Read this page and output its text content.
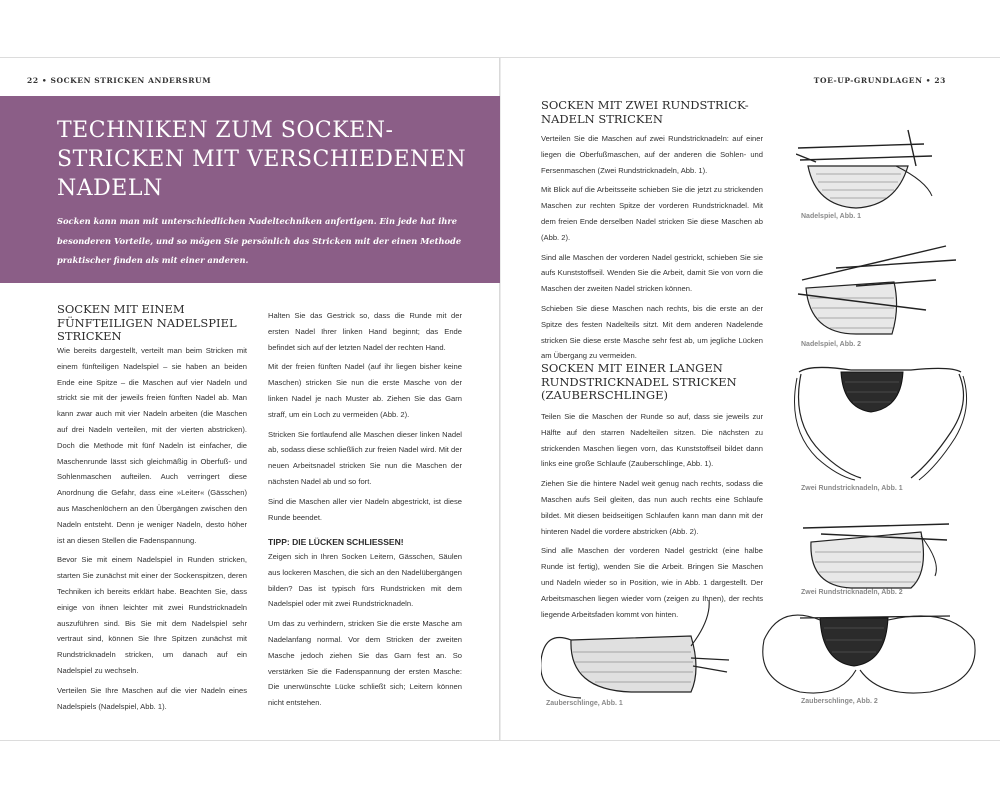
22 • SOCKEN STRICKEN ANDERSRUM	TOE-UP-GRUNDLAGEN • 23
TECHNIKEN ZUM SOCKEN-STRICKEN MIT VERSCHIEDENEN NADELN

Socken kann man mit unterschiedlichen Nadeltechniken anfertigen. Ein jede hat ihre besonderen Vorteile, und so mögen Sie persönlich das Stricken mit der einen Methode praktischer finden als mit einer anderen.

SOCKEN MIT EINEM FÜNFTEILIGEN NADELSPIEL STRICKEN

Wie bereits dargestellt, verteilt man beim Stricken mit einem fünfteiligen Nadelspiel – sie haben an beiden Ende eine Spitze – die Maschen auf vier Nadeln und strickt sie mit der jeweils freien fünften Nadel ab. Man kann zwar auch mit vier Nadeln arbeiten (die Maschen auf drei Nadeln verteilen, mit der vierten abstricken). Doch die Methode mit fünf Nadeln ist einfacher, die Maschenrunde lässt sich gleichmäßig in Oberfuß- und Sohlenmaschen aufteilen. Auch verringert diese Anordnung die Gefahr, dass eine »Leiter« (Gässchen) aus Maschenlöchern an den Übergängen zwischen den Nadeln entsteht. Denn je weniger Nadeln, desto höher ist an diesen Stellen die Fadenspannung.

Bevor Sie mit einem Nadelspiel in Runden stricken, starten Sie zunächst mit einer der Sockenspitzen, deren Techniken ich bereits erklärt habe. Beachten Sie, dass einige von ihnen leichter mit zwei Rundstricknadeln auszuführen sind. Bis Sie mit dem Nadelspiel sehr vertraut sind, können Sie Ihre Spitzen zunächst mit Rundstricknadeln stricken, um danach auf ein Nadelspiel zu wechseln.

Verteilen Sie Ihre Maschen auf die vier Nadeln eines Nadelspiels (Nadelspiel, Abb. 1).

Halten Sie das Gestrick so, dass die Runde mit der ersten Nadel Ihrer linken Hand beginnt; das Ende befindet sich auf der letzten Nadel der rechten Hand.

Mit der freien fünften Nadel (auf ihr liegen bisher keine Maschen) stricken Sie nun die erste Masche von der linken Nadel je nach Muster ab. Ziehen Sie das Garn straff, um ein Loch zu vermeiden (Abb. 2).

Stricken Sie fortlaufend alle Maschen dieser linken Nadel ab, sodass diese schließlich zur freien Nadel wird. Mit der neuen Arbeitsnadel stricken Sie nun die Maschen der nächsten Nadel ab und so fort.

Sind die Maschen aller vier Nadeln abgestrickt, ist diese Runde beendet.

TIPP: DIE LÜCKEN SCHLIESSEN!

Zeigen sich in Ihren Socken Leitern, Gässchen, Säulen aus lockeren Maschen, die sich an den Nadelübergängen bilden? Das ist typisch fürs Rundstricken mit dem Nadelspiel oder mit zwei Rundstricknadeln.

Um das zu verhindern, stricken Sie die erste Masche am Nadelanfang normal. Vor dem Stricken der zweiten Masche jedoch ziehen Sie das Garn fest an. So verstärken Sie die Fadenspannung der ersten Masche: Die unerwünschte Lücke schließt sich; Leitern können nicht entstehen.

SOCKEN MIT ZWEI RUNDSTRICK-NADELN STRICKEN

Verteilen Sie die Maschen auf zwei Rundstricknadeln: auf einer liegen die Oberfußmaschen, auf der anderen die Sohlen- und Fersenmaschen (Zwei Rundstricknadeln, Abb. 1).

Mit Blick auf die Arbeitsseite schieben Sie die jetzt zu strickenden Maschen zur rechten Spitze der vorderen Rundstricknadel. Mit dem freien Ende derselben Nadel stricken Sie diese Maschen ab (Abb. 2).

Sind alle Maschen der vorderen Nadel gestrickt, schieben Sie sie aufs Kunststoffseil. Wenden Sie die Arbeit, damit Sie von vorn die Maschen der zweiten Nadel stricken können.

Schieben Sie diese Maschen nach rechts, bis die erste an der Spitze des festen Nadelteils sitzt. Mit dem anderen Nadelende stricken Sie diese erste Masche sehr fest ab, um jegliche Lücken am Übergang zu vermeiden.

SOCKEN MIT EINER LANGEN RUNDSTRICKNADEL STRICKEN (ZAUBERSCHLINGE)

Teilen Sie die Maschen der Runde so auf, dass sie jeweils zur Hälfte auf den starren Nadelteilen sitzen. Die nächsten zu strickenden Maschen liegen vorn, das Kunststoffseil bildet dann links eine große Schlaufe (Zauberschlinge, Abb. 1).

Ziehen Sie die hintere Nadel weit genug nach rechts, sodass die Maschen aufs Seil gleiten, das nun auch rechts eine Schlaufe bildet. Mit diesen beidseitigen Schlaufen kann man dann mit der hinteren Nadel die vordere abstricken (Abb. 2).

Sind alle Maschen der vorderen Nadel gestrickt (eine halbe Runde ist fertig), wenden Sie die Arbeit. Bringen Sie Maschen und Nadeln wieder so in Position, wie in Abb. 1 dargestellt. Der Arbeitsmaschen liegen wieder vorn (zeigen zu Ihnen), der rechts liegende Arbeitsfaden kommt von hinten.

Nadelspiel, Abb. 1
Nadelspiel, Abb. 2
Zwei Rundstricknadeln, Abb. 1
Zwei Rundstricknadeln, Abb. 2
Zauberschlinge, Abb. 1	Zauberschlinge, Abb. 2
